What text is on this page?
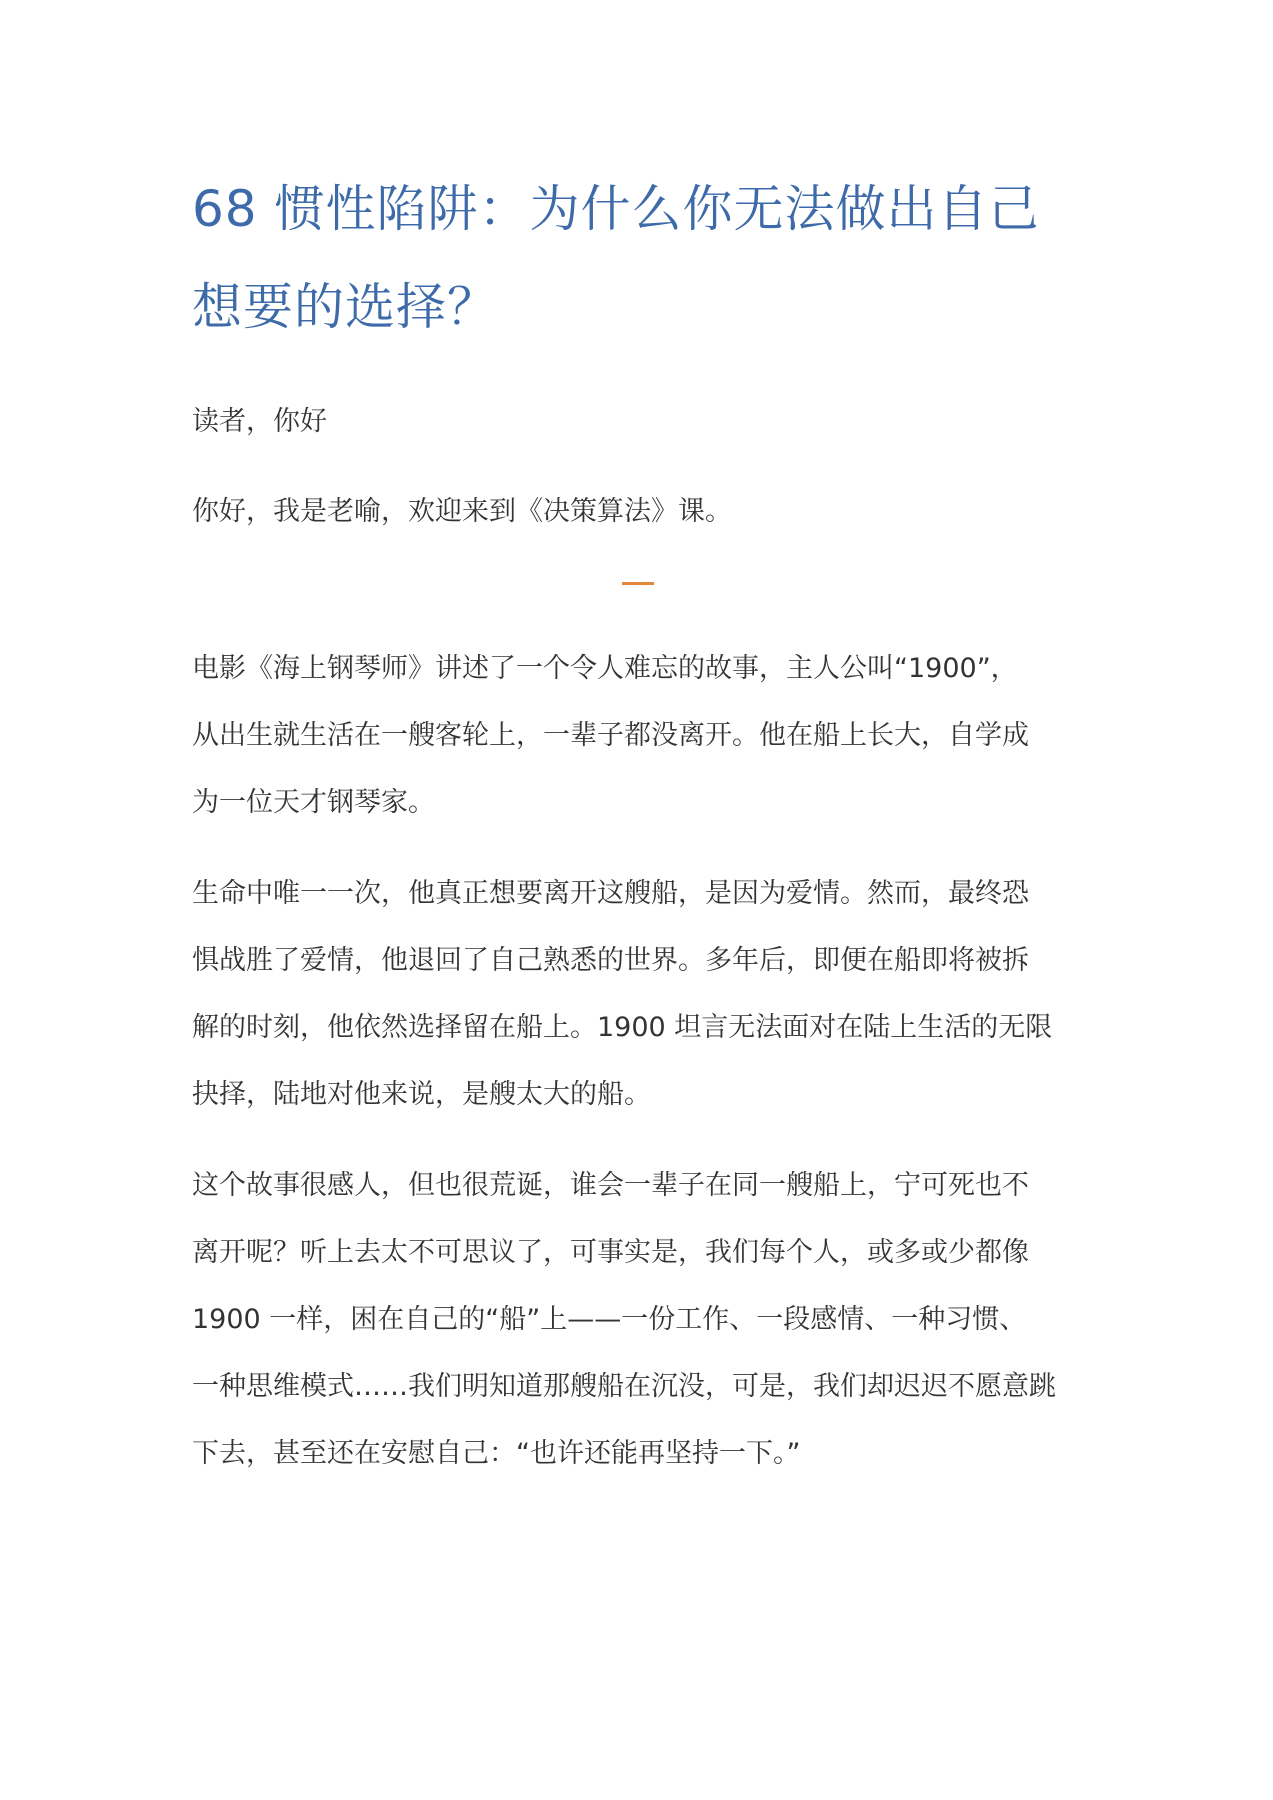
68 惯性陷阱：为什么你无法做出自己
想要的选择？

读者，你好

你好，我是老喻，欢迎来到《决策算法》课。

电影《海上钢琴师》讲述了一个令人难忘的故事，主人公叫“1900”，
从出生就生活在一艘客轮上，一辈子都没离开。他在船上长大，自学成
为一位天才钢琴家。

生命中唯一一次，他真正想要离开这艘船，是因为爱情。然而，最终恐
惧战胜了爱情，他退回了自己熟悉的世界。多年后，即便在船即将被拆
解的时刻，他依然选择留在船上。1900 坦言无法面对在陆上生活的无限
抉择，陆地对他来说，是艘太大的船。

这个故事很感人，但也很荒诞，谁会一辈子在同一艘船上，宁可死也不
离开呢？听上去太不可思议了，可事实是，我们每个人，或多或少都像
1900 一样，困在自己的“船”上——一份工作、一段感情、一种习惯、
一种思维模式……我们明知道那艘船在沉没，可是，我们却迟迟不愿意跳
下去，甚至还在安慰自己：“也许还能再坚持一下。”
